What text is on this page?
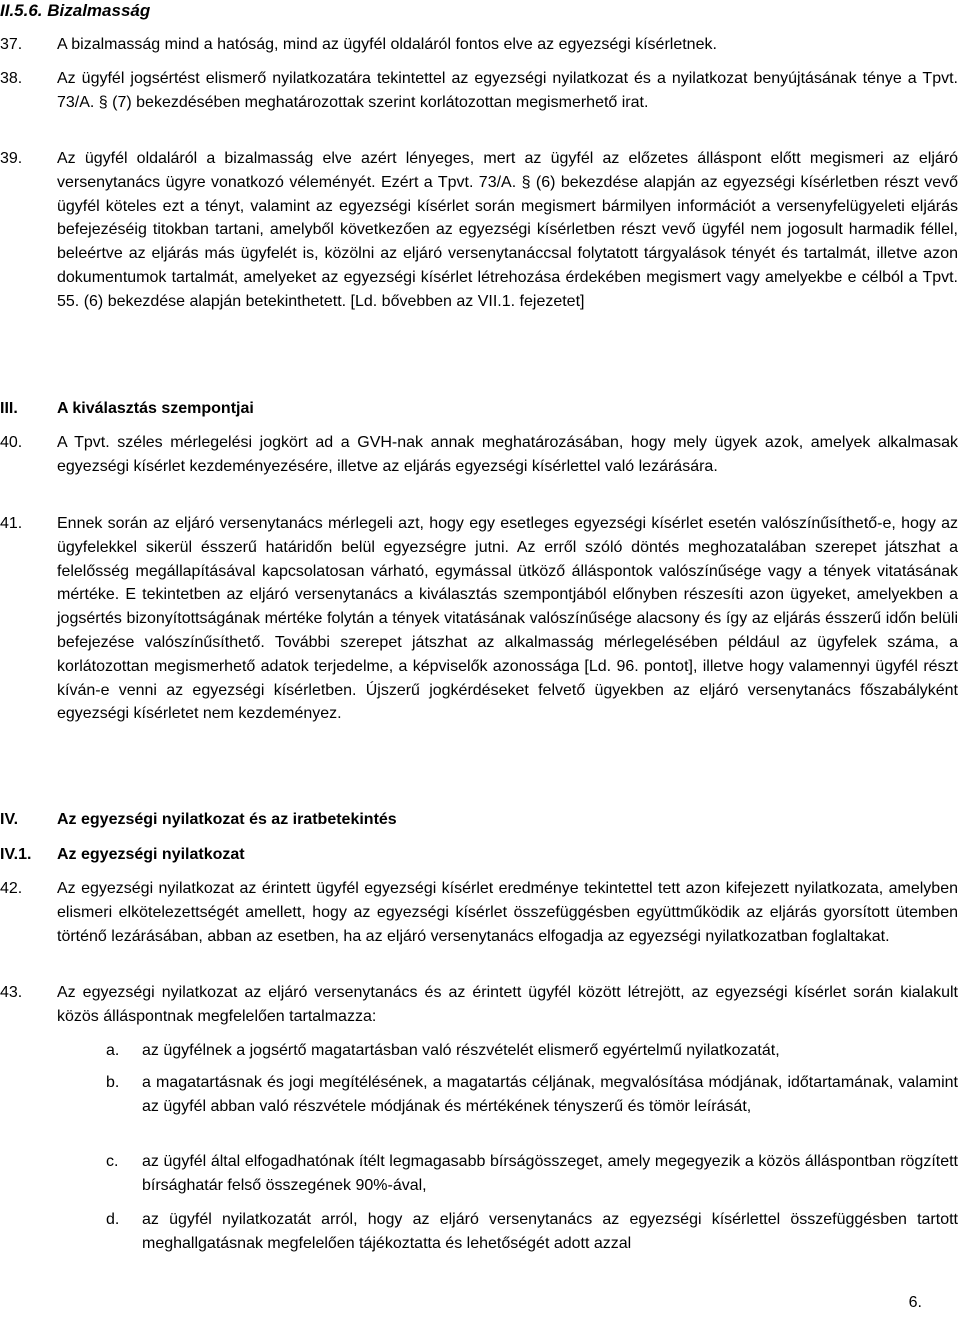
II.5.6. Bizalmasság
37. A bizalmasság mind a hatóság, mind az ügyfél oldaláról fontos elve az egyezségi kísérletnek.
38. Az ügyfél jogsértést elismerő nyilatkozatára tekintettel az egyezségi nyilatkozat és a nyilatkozat benyújtásának ténye a Tpvt. 73/A. § (7) bekezdésében meghatározottak szerint korlátozottan megismerhető irat.
39. Az ügyfél oldaláról a bizalmasság elve azért lényeges, mert az ügyfél az előzetes álláspont előtt megismeri az eljáró versenytanács ügyre vonatkozó véleményét. Ezért a Tpvt. 73/A. § (6) bekezdése alapján az egyezségi kísérletben részt vevő ügyfél köteles ezt a tényt, valamint az egyezségi kísérlet során megismert bármilyen információt a versenyfelügyeleti eljárás befejezéséig titokban tartani, amelyből következően az egyezségi kísérletben részt vevő ügyfél nem jogosult harmadik féllel, beleértve az eljárás más ügyfelét is, közölni az eljáró versenytanáccsal folytatott tárgyalások tényét és tartalmát, illetve azon dokumentumok tartalmát, amelyeket az egyezségi kísérlet létrehozása érdekében megismert vagy amelyekbe e célból a Tpvt. 55. (6) bekezdése alapján betekinthetett. [Ld. bővebben az VII.1. fejezetet]
III. A kiválasztás szempontjai
40. A Tpvt. széles mérlegelési jogkört ad a GVH-nak annak meghatározásában, hogy mely ügyek azok, amelyek alkalmasak egyezségi kísérlet kezdeményezésére, illetve az eljárás egyezségi kísérlettel való lezárására.
41. Ennek során az eljáró versenytanács mérlegeli azt, hogy egy esetleges egyezségi kísérlet esetén valószínűsíthető-e, hogy az ügyfelekkel sikerül ésszerű határidőn belül egyezségre jutni. Az erről szóló döntés meghozatalában szerepet játszhat a felelősség megállapításával kapcsolatosan várható, egymással ütköző álláspontok valószínűsége vagy a tények vitatásának mértéke. E tekintetben az eljáró versenytanács a kiválasztás szempontjából előnyben részesíti azon ügyeket, amelyekben a jogsértés bizonyítottságának mértéke folytán a tények vitatásának valószínűsége alacsony és így az eljárás ésszerű időn belüli befejezése valószínűsíthető. További szerepet játszhat az alkalmasság mérlegelésében például az ügyfelek száma, a korlátozottan megismerhető adatok terjedelme, a képviselők azonossága [Ld. 96. pontot], illetve hogy valamennyi ügyfél részt kíván-e venni az egyezségi kísérletben. Újszerű jogkérdéseket felvető ügyekben az eljáró versenytanács főszabályként egyezségi kísérletet nem kezdeményez.
IV. Az egyezségi nyilatkozat és az iratbetekintés
IV.1. Az egyezségi nyilatkozat
42. Az egyezségi nyilatkozat az érintett ügyfél egyezségi kísérlet eredménye tekintettel tett azon kifejezett nyilatkozata, amelyben elismeri elkötelezettségét amellett, hogy az egyezségi kísérlet összefüggésben együttműködik az eljárás gyorsított ütemben történő lezárásában, abban az esetben, ha az eljáró versenytanács elfogadja az egyezségi nyilatkozatban foglaltakat.
43. Az egyezségi nyilatkozat az eljáró versenytanács és az érintett ügyfél között létrejött, az egyezségi kísérlet során kialakult közös álláspontnak megfelelően tartalmazza:
a. az ügyfélnek a jogsértő magatartásban való részvételét elismerő egyértelmű nyilatkozatát,
b. a magatartásnak és jogi megítélésének, a magatartás céljának, megvalósítása módjának, időtartamának, valamint az ügyfél abban való részvétele módjának és mértékének tényszerű és tömör leírását,
c. az ügyfél által elfogadhatónak ítélt legmagasabb bírságösszeget, amely megegyezik a közös álláspontban rögzített bírsághatár felső összegének 90%-ával,
d. az ügyfél nyilatkozatát arról, hogy az eljáró versenytanács az egyezségi kísérlettel összefüggésben tartott meghallgatásnak megfelelően tájékoztatta és lehetőségét adott azzal
6.
